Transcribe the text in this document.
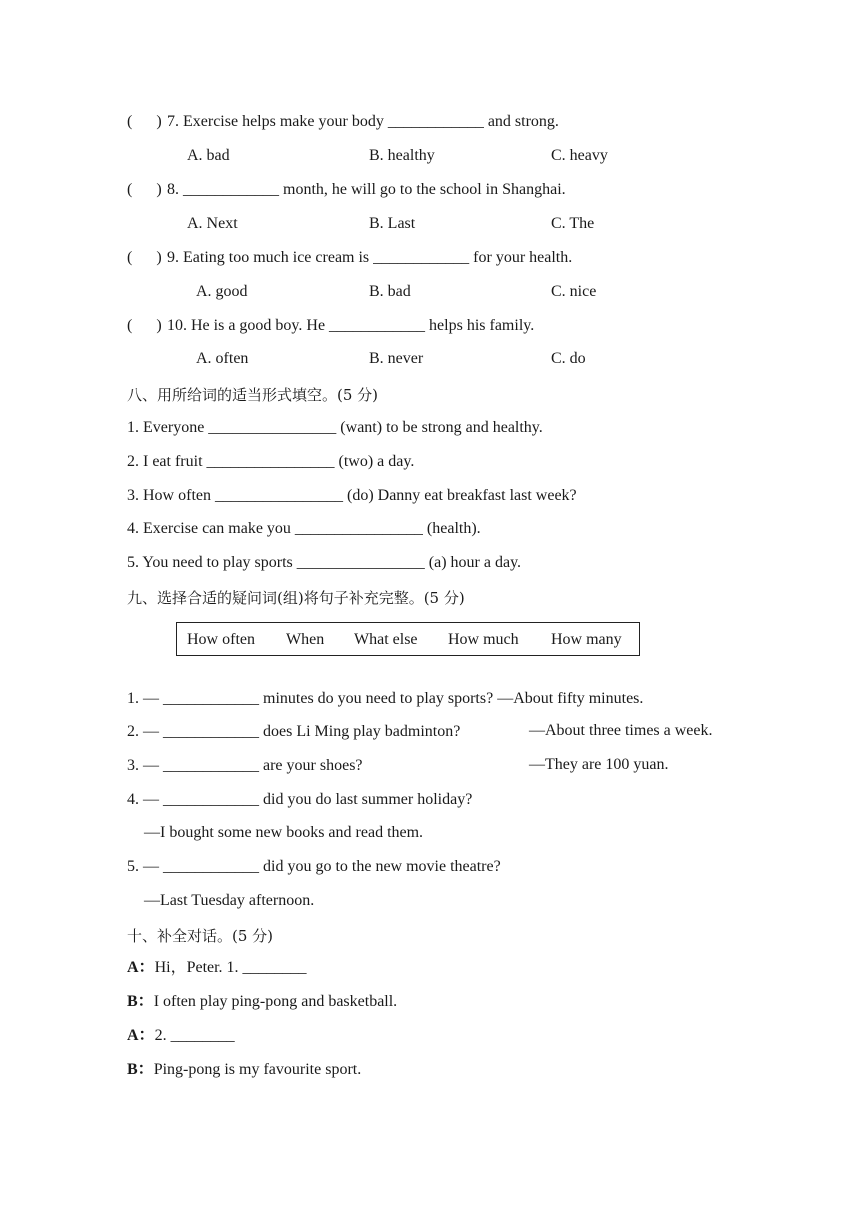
(   ) 7. Exercise helps make your body ____________ and strong.
A. bad	B. healthy	C. heavy
(   ) 8. ____________ month, he will go to the school in Shanghai.
A. Next	B. Last	C. The
(   ) 9. Eating too much ice cream is ____________ for your health.
A. good	B. bad	C. nice
(   ) 10. He is a good boy. He ____________ helps his family.
A. often	B. never	C. do
八、用所给词的适当形式填空。(5 分)
1. Everyone ________________ (want) to be strong and healthy.
2. I eat fruit ________________ (two) a day.
3. How often ________________ (do) Danny eat breakfast last week?
4. Exercise can make you ________________ (health).
5. You need to play sports ________________ (a) hour a day.
九、选择合适的疑问词(组)将句子补充完整。(5 分)
How often When What else How much How many
1. — ____________ minutes do you need to play sports? —About fifty minutes.
2. — ____________ does Li Ming play badminton?	—About three times a week.
3. — ____________ are your shoes?	—They are 100 yuan.
4. — ____________ did you do last summer holiday?
—I bought some new books and read them.
5. — ____________ did you go to the new movie theatre?
—Last Tuesday afternoon.
十、补全对话。(5 分)
A：Hi，Peter. 1. ________
B：I often play ping-pong and basketball.
A：2. ________
B：Ping-pong is my favourite sport.
